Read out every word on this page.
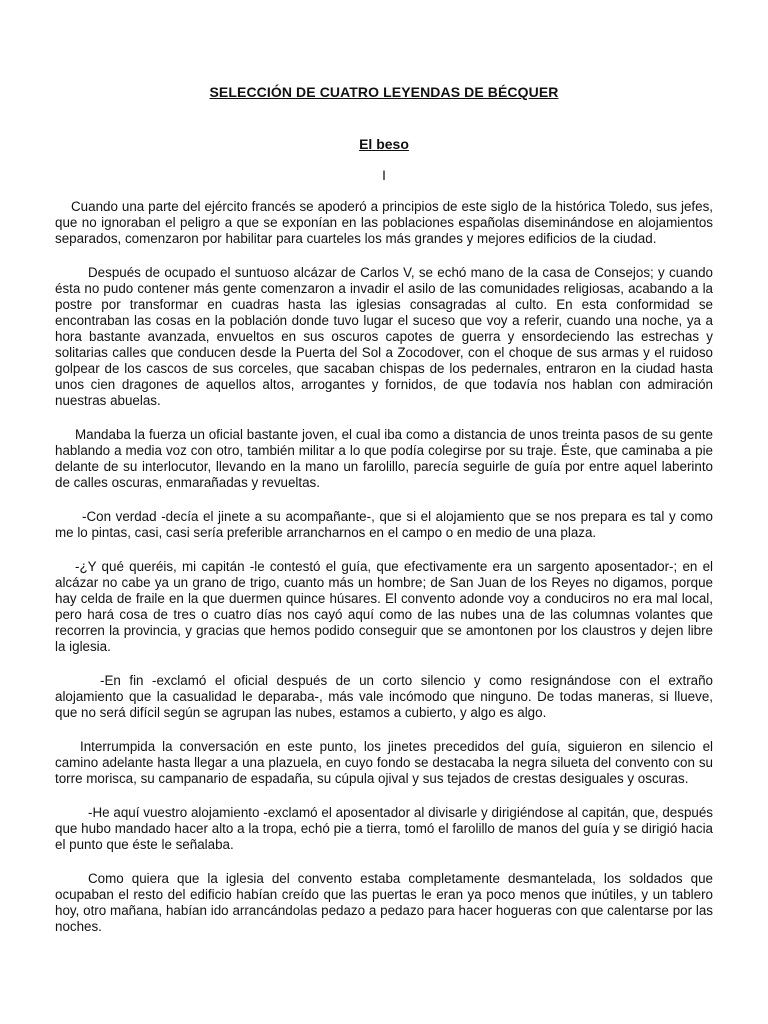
SELECCIÓN DE CUATRO LEYENDAS DE BÉCQUER
El beso
I

Cuando una parte del ejército francés se apoderó a principios de este siglo de la histórica Toledo, sus jefes, que no ignoraban el peligro a que se exponían en las poblaciones españolas diseminándose en alojamientos separados, comenzaron por habilitar para cuarteles los más grandes y mejores edificios de la ciudad.

Después de ocupado el suntuoso alcázar de Carlos V, se echó mano de la casa de Consejos; y cuando ésta no pudo contener más gente comenzaron a invadir el asilo de las comunidades religiosas, acabando a la postre por transformar en cuadras hasta las iglesias consagradas al culto. En esta conformidad se encontraban las cosas en la población donde tuvo lugar el suceso que voy a referir, cuando una noche, ya a hora bastante avanzada, envueltos en sus oscuros capotes de guerra y ensordeciendo las estrechas y solitarias calles que conducen desde la Puerta del Sol a Zocodover, con el choque de sus armas y el ruidoso golpear de los cascos de sus corceles, que sacaban chispas de los pedernales, entraron en la ciudad hasta unos cien dragones de aquellos altos, arrogantes y fornidos, de que todavía nos hablan con admiración nuestras abuelas.

Mandaba la fuerza un oficial bastante joven, el cual iba como a distancia de unos treinta pasos de su gente hablando a media voz con otro, también militar a lo que podía colegirse por su traje. Éste, que caminaba a pie delante de su interlocutor, llevando en la mano un farolillo, parecía seguirle de guía por entre aquel laberinto de calles oscuras, enmarañadas y revueltas.

-Con verdad -decía el jinete a su acompañante-, que si el alojamiento que se nos prepara es tal y como me lo pintas, casi, casi sería preferible arrancharnos en el campo o en medio de una plaza.

-¿Y qué queréis, mi capitán -le contestó el guía, que efectivamente era un sargento aposentador-; en el alcázar no cabe ya un grano de trigo, cuanto más un hombre; de San Juan de los Reyes no digamos, porque hay celda de fraile en la que duermen quince húsares. El convento adonde voy a conduciros no era mal local, pero hará cosa de tres o cuatro días nos cayó aquí como de las nubes una de las columnas volantes que recorren la provincia, y gracias que hemos podido conseguir que se amontonen por los claustros y dejen libre la iglesia.

-En fin -exclamó el oficial después de un corto silencio y como resignándose con el extraño alojamiento que la casualidad le deparaba-, más vale incómodo que ninguno. De todas maneras, si llueve, que no será difícil según se agrupan las nubes, estamos a cubierto, y algo es algo.

Interrumpida la conversación en este punto, los jinetes precedidos del guía, siguieron en silencio el camino adelante hasta llegar a una plazuela, en cuyo fondo se destacaba la negra silueta del convento con su torre morisca, su campanario de espadaña, su cúpula ojival y sus tejados de crestas desiguales y oscuras.

-He aquí vuestro alojamiento -exclamó el aposentador al divisarle y dirigiéndose al capitán, que, después que hubo mandado hacer alto a la tropa, echó pie a tierra, tomó el farolillo de manos del guía y se dirigió hacia el punto que éste le señalaba.

Como quiera que la iglesia del convento estaba completamente desmantelada, los soldados que ocupaban el resto del edificio habían creído que las puertas le eran ya poco menos que inútiles, y un tablero hoy, otro mañana, habían ido arrancándolas pedazo a pedazo para hacer hogueras con que calentarse por las noches.
